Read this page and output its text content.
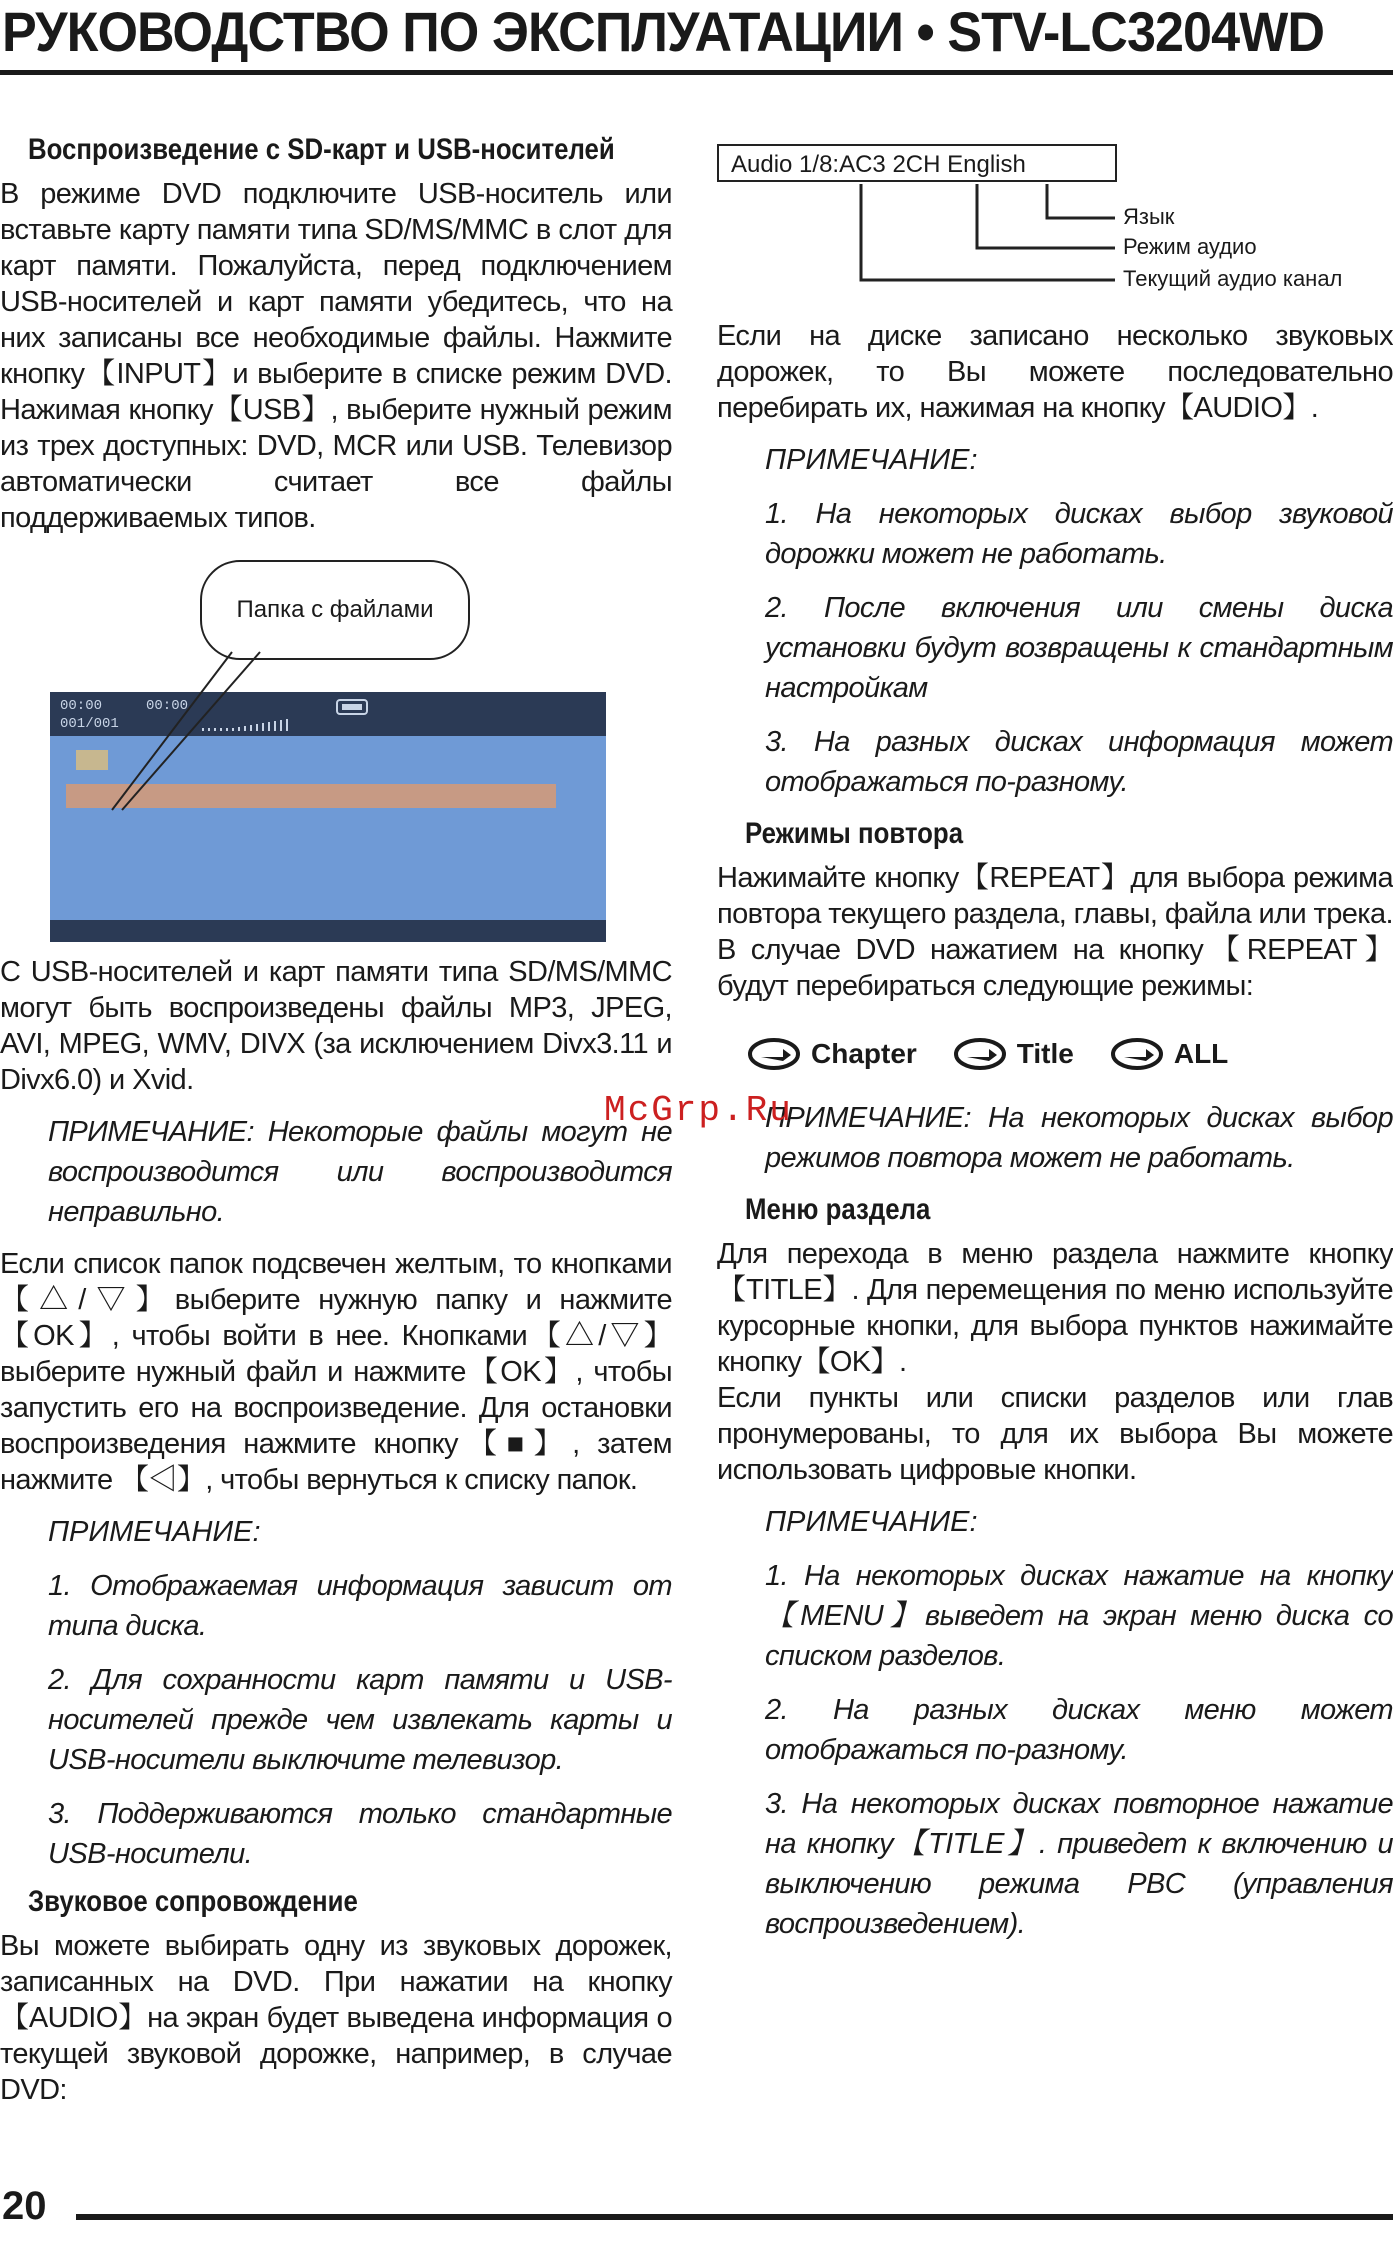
РУКОВОДСТВО ПО ЭКСПЛУАТАЦИИ • STV-LC3204WD
Воспроизведение с SD-карт и USB-носителей

В режиме DVD подключите USB-носитель или вставьте карту памяти типа SD/MS/MMC в слот для карт памяти. Пожалуйста, перед подключением USB-носителей и карт памяти убедитесь, что на них записаны все необходимые файлы. Нажмите кнопку【INPUT】и выберите в списке режим DVD. Нажимая кнопку【USB】, выберите нужный режим из трех доступных: DVD, MCR или USB. Телевизор автоматически считает все файлы поддерживаемых типов.

Папка с файлами
00:00	00:00
001/001

С USB-носителей и карт памяти типа SD/MS/MMC могут быть воспроизведены файлы MP3, JPEG, AVI, MPEG, WMV, DIVX (за исключением Divx3.11 и Divx6.0) и Xvid.

ПРИМЕЧАНИЕ: Некоторые файлы могут не воспроизводится или воспроизводится неправильно.

Если список папок подсвечен желтым, то кнопками【△/▽】выберите нужную папку и нажмите【OK】, чтобы войти в нее. Кнопками【△/▽】выберите нужный файл и нажмите【OK】, чтобы запустить его на воспроизведение. Для остановки воспроизведения нажмите кнопку【■】, затем нажмите 【◁】, чтобы вернуться к списку папок.

ПРИМЕЧАНИЕ:

1. Отображаемая информация зависит от типа диска.

2. Для сохранности карт памяти и USB-носителей прежде чем извлекать карты и USB-носители выключите телевизор.

3. Поддерживаются только стандартные USB-носители.

Звуковое сопровождение

Вы можете выбирать одну из звуковых дорожек, записанных на DVD. При нажатии на кнопку【AUDIO】на экран будет выведена информация о текущей звуковой дорожке, например, в случае DVD:

Audio 1/8:AC3 2CH English
Язык
Режим аудио
Текущий аудио канал

Если на диске записано несколько звуковых дорожек, то Вы можете последовательно перебирать их, нажимая на кнопку【AUDIO】.

ПРИМЕЧАНИЕ:

1. На некоторых дисках выбор звуковой дорожки может не работать.

2. После включения или смены диска установки будут возвращены к стандартным настройкам

3. На разных дисках информация может отображаться по-разному.

Режимы повтора

Нажимайте кнопку【REPEAT】для выбора режима повтора текущего раздела, главы, файла или трека. В случае DVD нажатием на кнопку【REPEAT】будут перебираться следующие режимы:

Chapter	Title	ALL

ПРИМЕЧАНИЕ: На некоторых дисках выбор режимов повтора может не работать.

Меню раздела

Для перехода в меню раздела нажмите кнопку【TITLE】. Для перемещения по меню используйте курсорные кнопки, для выбора пунктов нажимайте кнопку【OK】.

Если пункты или списки разделов или глав пронумерованы, то для их выбора Вы можете использовать цифровые кнопки.

ПРИМЕЧАНИЕ:

1. На некоторых дисках нажатие на кнопку【MENU】выведет на экран меню диска со списком разделов.

2. На разных дисках меню может отображаться по-разному.

3. На некоторых дисках повторное нажатие на кнопку【TITLE】. приведет к включению и выключению режима PBC (управления воспроизведением).

McGrp.Ru
20
